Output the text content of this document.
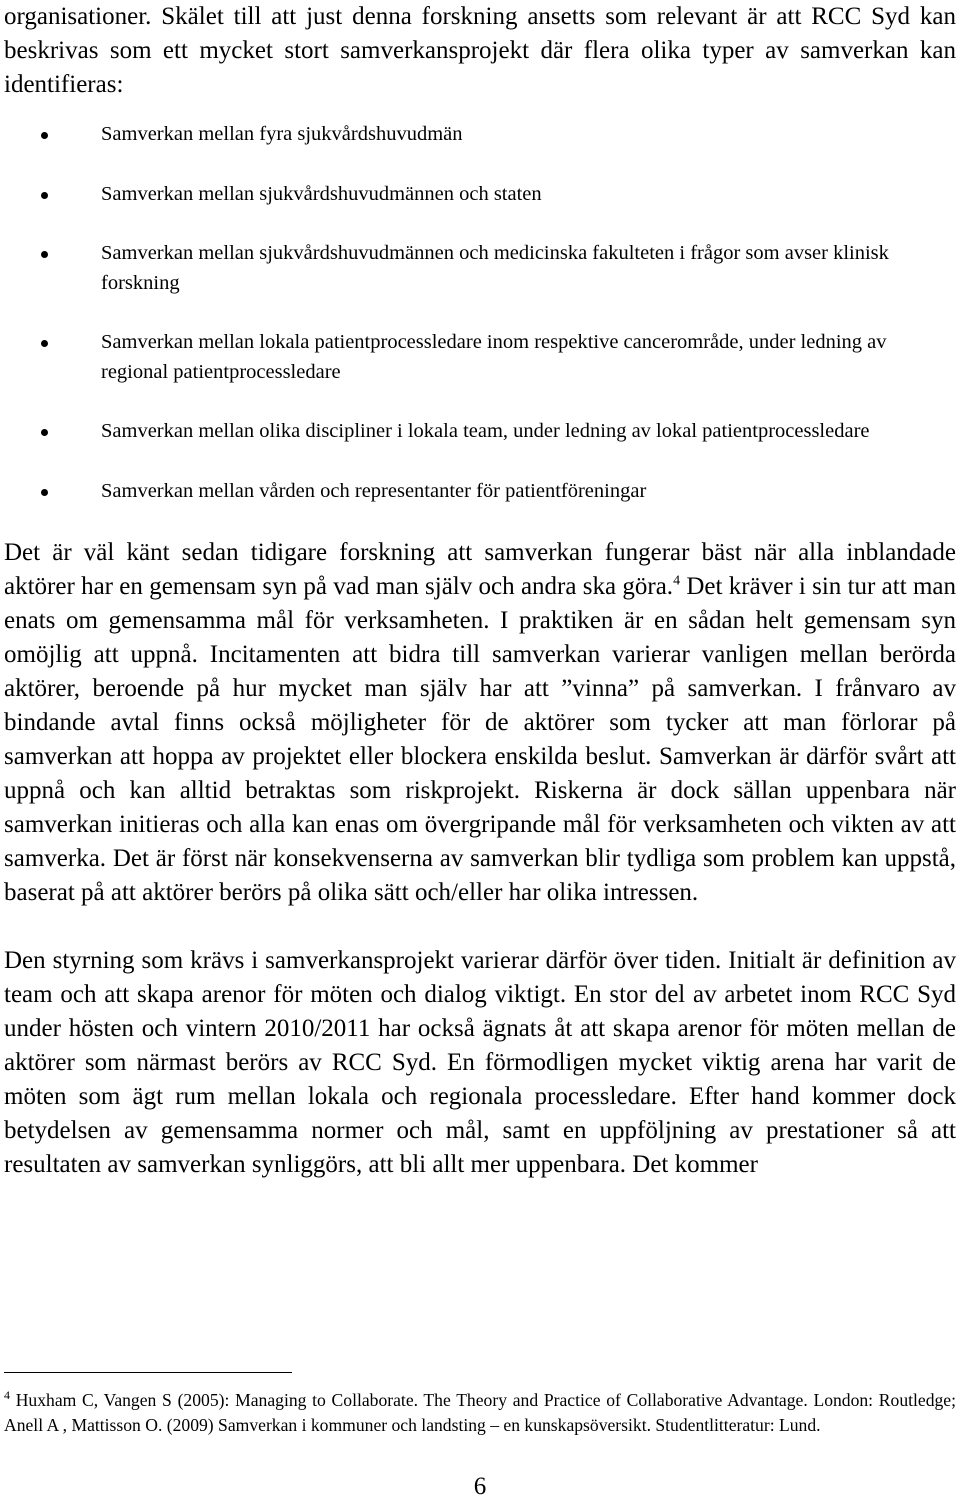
organisationer. Skälet till att just denna forskning ansetts som relevant är att RCC Syd kan beskrivas som ett mycket stort samverkansprojekt där flera olika typer av samverkan kan identifieras:

Samverkan mellan fyra sjukvårdshuvudmän
Samverkan mellan sjukvårdshuvudmännen och staten
Samverkan mellan sjukvårdshuvudmännen och medicinska fakulteten i frågor som avser klinisk forskning
Samverkan mellan lokala patientprocessledare inom respektive cancerområde, under ledning av regional patientprocessledare
Samverkan mellan olika discipliner i lokala team, under ledning av lokal patientprocessledare
Samverkan mellan vården och representanter för patientföreningar

Det är väl känt sedan tidigare forskning att samverkan fungerar bäst när alla inblandade aktörer har en gemensam syn på vad man själv och andra ska göra.$^4$ Det kräver i sin tur att man enats om gemensamma mål för verksamheten. I praktiken är en sådan helt gemensam syn omöjlig att uppnå. Incitamenten att bidra till samverkan varierar vanligen mellan berörda aktörer, beroende på hur mycket man själv har att ”vinna” på samverkan. I frånvaro av bindande avtal finns också möjligheter för de aktörer som tycker att man förlorar på samverkan att hoppa av projektet eller blockera enskilda beslut. Samverkan är därför svårt att uppnå och kan alltid betraktas som riskprojekt. Riskerna är dock sällan uppenbara när samverkan initieras och alla kan enas om övergripande mål för verksamheten och vikten av att samverka. Det är först när konsekvenserna av samverkan blir tydliga som problem kan uppstå, baserat på att aktörer berörs på olika sätt och/eller har olika intressen.

Den styrning som krävs i samverkansprojekt varierar därför över tiden. Initialt är definition av team och att skapa arenor för möten och dialog viktigt. En stor del av arbetet inom RCC Syd under hösten och vintern 2010/2011 har också ägnats åt att skapa arenor för möten mellan de aktörer som närmast berörs av RCC Syd. En förmodligen mycket viktig arena har varit de möten som ägt rum mellan lokala och regionala processledare. Efter hand kommer dock betydelsen av gemensamma normer och mål, samt en uppföljning av prestationer så att resultaten av samverkan synliggörs, att bli allt mer uppenbara. Det kommer

$^4$ Huxham C, Vangen S (2005): Managing to Collaborate. The Theory and Practice of Collaborative Advantage. London: Routledge; Anell A , Mattisson O. (2009) Samverkan i kommuner och landsting – en kunskapsöversikt. Studentlitteratur: Lund.

6
